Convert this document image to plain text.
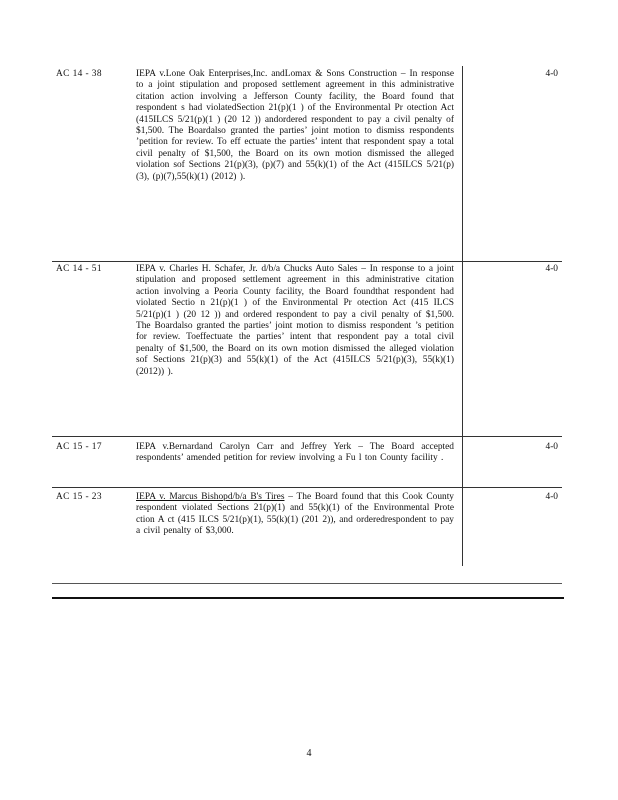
AC 14 - 38	IEPA v.Lone Oak Enterprises,Inc. andLomax & Sons Construction – In response to a joint stipulation and proposed settlement agreement in this administrative citation action involving a Jefferson County facility, the Board found that respondent s had violatedSection 21(p)(1 ) of the Environmental Pr otection Act (415ILCS 5/21(p)(1 ) (20 12 )) andordered respondent to pay a civil penalty of $1,500. The Boardalso granted the parties’ joint motion to dismiss respondents ’petition for review. To eff ectuate the parties’ intent that respondent spay a total civil penalty of $1,500, the Board on its own motion dismissed the alleged violation sof Sections 21(p)(3), (p)(7) and 55(k)(1) of the Act (415ILCS 5/21(p)(3), (p)(7),55(k)(1) (2012) ).
4-0
AC 14 - 51	IEPA v. Charles H. Schafer, Jr. d/b/a Chucks Auto Sales – In response to a joint stipulation and proposed settlement agreement in this administrative citation action involving a Peoria County facility, the Board foundthat respondent had violated Sectio n 21(p)(1 ) of the Environmental Pr otection Act (415 ILCS 5/21(p)(1 ) (20 12 )) and ordered respondent to pay a civil penalty of $1,500. The Boardalso granted the parties’ joint motion to dismiss respondent ’s petition for review. Toeffectuate the parties’ intent that respondent pay a total civil penalty of $1,500, the Board on its own motion dismissed the alleged violation sof Sections 21(p)(3) and 55(k)(1) of the Act (415ILCS 5/21(p)(3), 55(k)(1) (2012)) ).
4-0
AC 15 - 17	IEPA v.Bernardand Carolyn Carr and Jeffrey Yerk – The Board accepted respondents’ amended petition for review involving a Fu l ton County facility .
4-0
AC 15 - 23	IEPA v. Marcus Bishopd/b/a B's Tires – The Board found that this Cook County respondent violated Sections 21(p)(1) and 55(k)(1) of the Environmental Prote ction A ct (415 ILCS 5/21(p)(1), 55(k)(1) (201 2)), and orderedrespondent to pay a civil penalty of $3,000.
4-0
4
